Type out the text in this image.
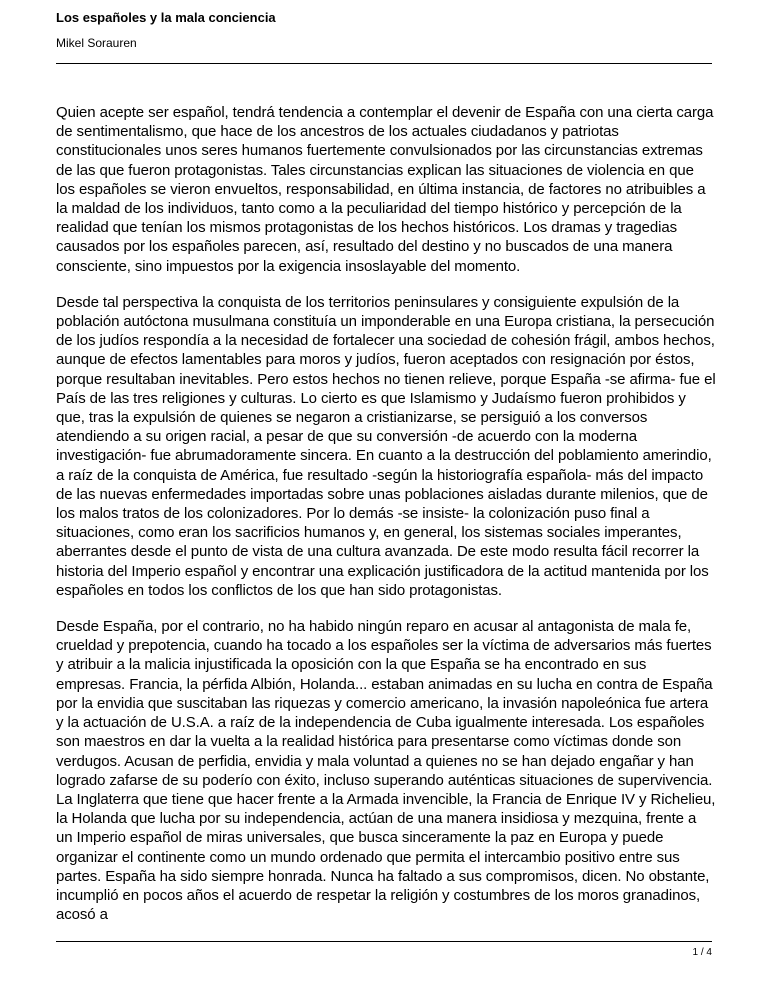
Los españoles y la mala conciencia
Mikel Sorauren

Quien acepte ser español, tendrá tendencia a contemplar el devenir de España con una cierta carga de sentimentalismo, que hace de los ancestros de los actuales ciudadanos y patriotas constitucionales unos seres humanos fuertemente convulsionados por las circunstancias extremas de las que fueron protagonistas. Tales circunstancias explican las situaciones de violencia en que los españoles se vieron envueltos, responsabilidad, en última instancia, de factores no atribuibles a la maldad de los individuos, tanto como a la peculiaridad del tiempo histórico y percepción de la realidad que tenían los mismos protagonistas de los hechos históricos. Los dramas y tragedias causados por los españoles parecen, así, resultado del destino y no buscados de una manera consciente, sino impuestos por la exigencia insoslayable del momento.

Desde tal perspectiva la conquista de los territorios peninsulares y consiguiente expulsión de la población autóctona musulmana constituía un imponderable en una Europa cristiana, la persecución de los judíos respondía a la necesidad de fortalecer una sociedad de cohesión frágil, ambos hechos, aunque de efectos lamentables para moros y judíos, fueron aceptados con resignación por éstos, porque resultaban inevitables. Pero estos hechos no tienen relieve, porque España -se afirma- fue el País de las tres religiones y culturas. Lo cierto es que Islamismo y Judaísmo fueron prohibidos y que, tras la expulsión de quienes se negaron a cristianizarse, se persiguió a los conversos atendiendo a su origen racial, a pesar de que su conversión -de acuerdo con la moderna investigación- fue abrumadoramente sincera. En cuanto a la destrucción del poblamiento amerindio, a raíz de la conquista de América, fue resultado -según la historiografía española- más del impacto de las nuevas enfermedades importadas sobre unas poblaciones aisladas durante milenios, que de los malos tratos de los colonizadores. Por lo demás -se insiste- la colonización puso final a situaciones, como eran los sacrificios humanos y, en general, los sistemas sociales imperantes, aberrantes desde el punto de vista de una cultura avanzada. De este modo resulta fácil recorrer la historia del Imperio español y encontrar una explicación justificadora de la actitud mantenida por los españoles en todos los conflictos de los que han sido protagonistas.

Desde España, por el contrario, no ha habido ningún reparo en acusar al antagonista de mala fe, crueldad y prepotencia, cuando ha tocado a los españoles ser la víctima de adversarios más fuertes y atribuir a la malicia injustificada la oposición con la que España se ha encontrado en sus empresas. Francia, la pérfida Albión, Holanda... estaban animadas en su lucha en contra de España por la envidia que suscitaban las riquezas y comercio americano, la invasión napoleónica fue artera y la actuación de U.S.A. a raíz de la independencia de Cuba igualmente interesada. Los españoles son maestros en dar la vuelta a la realidad histórica para presentarse como víctimas donde son verdugos. Acusan de perfidia, envidia y mala voluntad a quienes no se han dejado engañar y han logrado zafarse de su poderío con éxito, incluso superando auténticas situaciones de supervivencia. La Inglaterra que tiene que hacer frente a la Armada invencible, la Francia de Enrique IV y Richelieu, la Holanda que lucha por su independencia, actúan de una manera insidiosa y mezquina, frente a un Imperio español de miras universales, que busca sinceramente la paz en Europa y puede organizar el continente como un mundo ordenado que permita el intercambio positivo entre sus partes. España ha sido siempre honrada. Nunca ha faltado a sus compromisos, dicen. No obstante, incumplió en pocos años el acuerdo de respetar la religión y costumbres de los moros granadinos, acosó a

1 / 4
